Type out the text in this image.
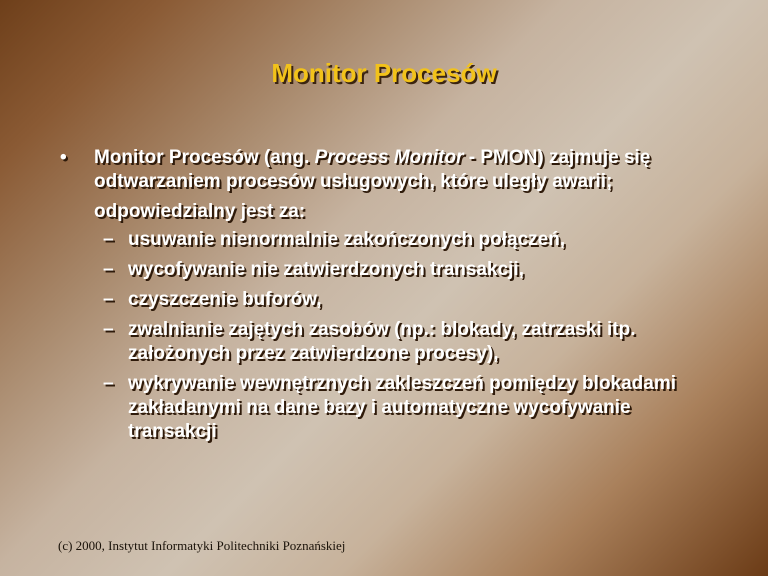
Monitor Procesów
• Monitor Procesów (ang. Process Monitor - PMON) zajmuje się odtwarzaniem procesów usługowych, które uległy awarii;
odpowiedzialny jest za:
– usuwanie nienormalnie zakończonych połączeń,
– wycofywanie nie zatwierdzonych transakcji,
– czyszczenie buforów,
– zwalnianie zajętych zasobów (np.: blokady, zatrzaski itp. założonych przez zatwierdzone procesy),
– wykrywanie wewnętrznych zakleszczeń pomiędzy blokadami zakładanymi na dane bazy i automatyczne wycofywanie transakcji
(c) 2000, Instytut Informatyki Politechniki Poznańskiej
